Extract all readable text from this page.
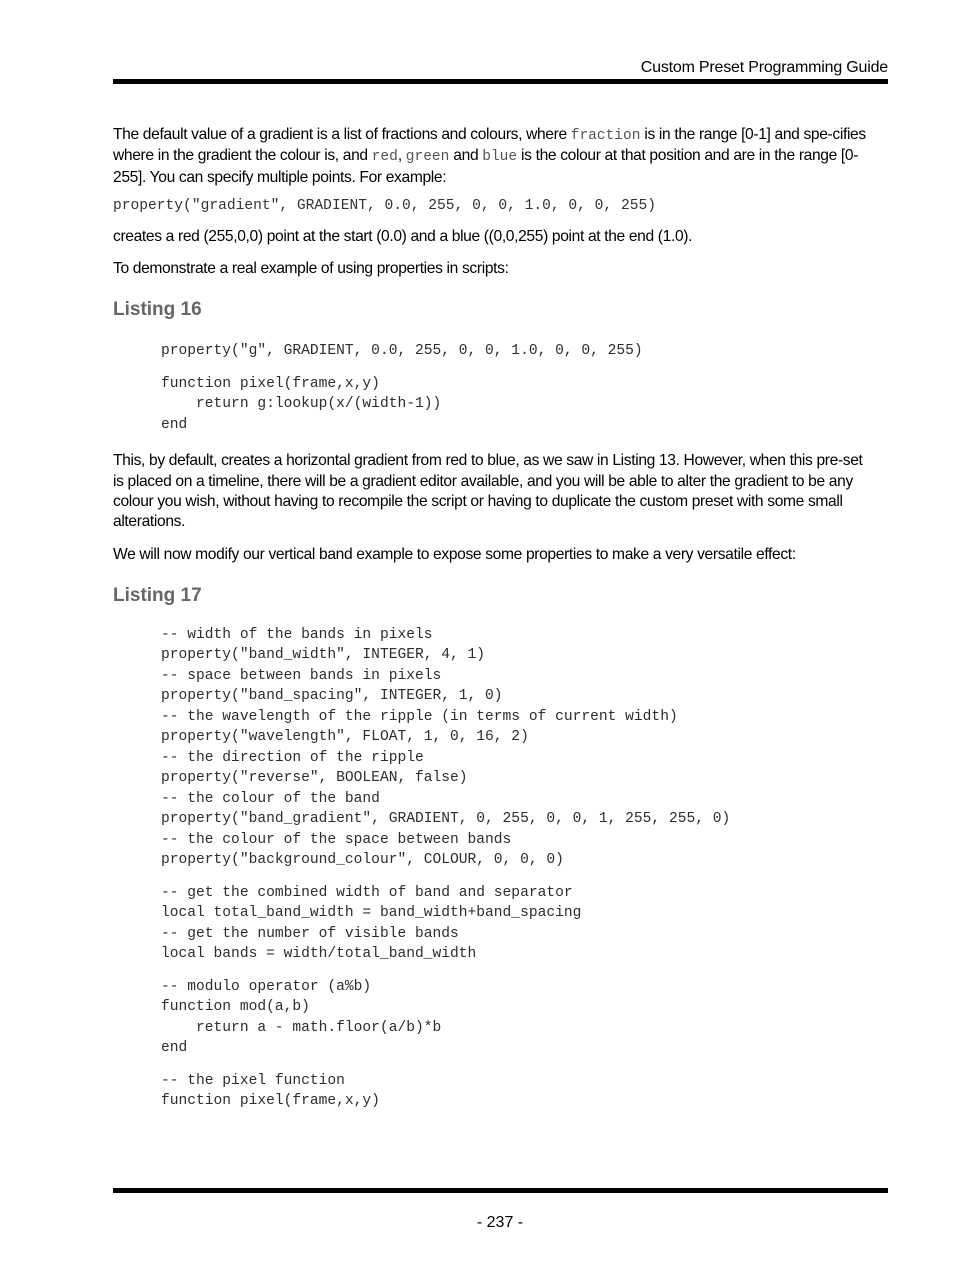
Custom Preset Programming Guide

The default value of a gradient is a list of fractions and colours, where fraction is in the range [0-1] and spe-cifies where in the gradient the colour is, and red, green and blue is the colour at that position and are in the range [0-255]. You can specify multiple points. For example:

property("gradient", GRADIENT, 0.0, 255, 0, 0, 1.0, 0, 0, 255)

creates a red (255,0,0) point at the start (0.0) and a blue ((0,0,255) point at the end (1.0).

To demonstrate a real example of using properties in scripts:

Listing 16
property("g", GRADIENT, 0.0, 255, 0, 0, 1.0, 0, 0, 255)
function pixel(frame,x,y)
return g:lookup(x/(width-1))
end

This, by default, creates a horizontal gradient from red to blue, as we saw in Listing 13. However, when this pre-set is placed on a timeline, there will be a gradient editor available, and you will be able to alter the gradient to be any colour you wish, without having to recompile the script or having to duplicate the custom preset with some small alterations.

We will now modify our vertical band example to expose some properties to make a very versatile effect:

Listing 17
-- width of the bands in pixels
property("band_width", INTEGER, 4, 1)
-- space between bands in pixels
property("band_spacing", INTEGER, 1, 0)
-- the wavelength of the ripple (in terms of current width)
property("wavelength", FLOAT, 1, 0, 16, 2)
-- the direction of the ripple
property("reverse", BOOLEAN, false)
-- the colour of the band
property("band_gradient", GRADIENT, 0, 255, 0, 0, 1, 255, 255, 0)
-- the colour of the space between bands
property("background_colour", COLOUR, 0, 0, 0)
-- get the combined width of band and separator
local total_band_width = band_width+band_spacing
-- get the number of visible bands
local bands = width/total_band_width
-- modulo operator (a%b)
function mod(a,b)
return a - math.floor(a/b)*b
end
-- the pixel function
function pixel(frame,x,y)
- 237 -
